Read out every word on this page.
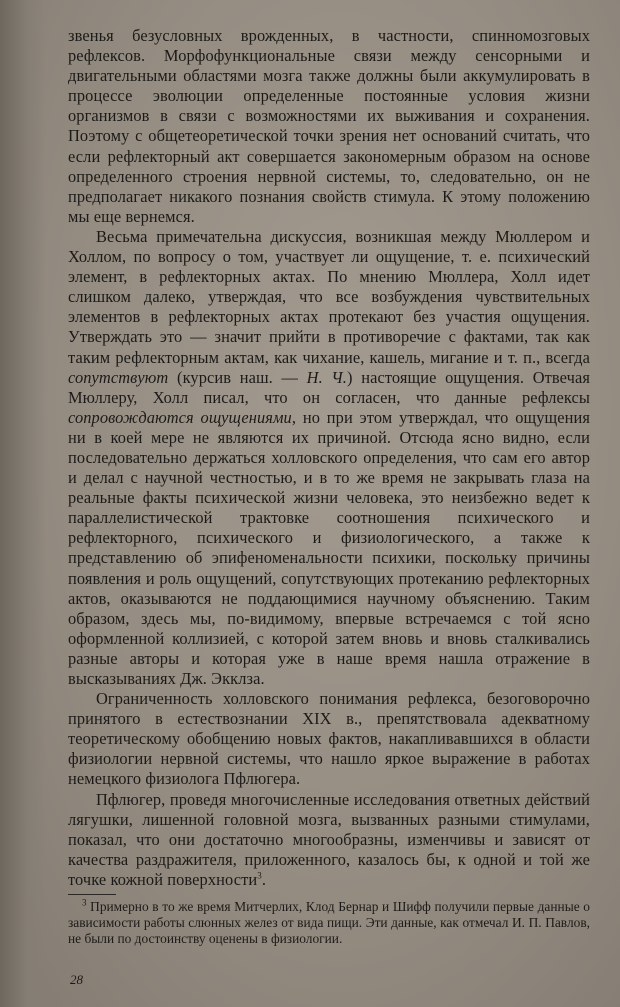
звенья безусловных врожденных, в частности, спинномозговых рефлексов. Морфофункциональные связи между сенсорными и двигательными областями мозга также должны были аккумулировать в процессе эволюции определенные постоянные условия жизни организмов в связи с возможностями их выживания и сохранения. Поэтому с общетеоретической точки зрения нет оснований считать, что если рефлекторный акт совершается закономерным образом на основе определенного строения нервной системы, то, следовательно, он не предполагает никакого познания свойств стимула. К этому положению мы еще вернемся.

Весьма примечательна дискуссия, возникшая между Мюллером и Холлом, по вопросу о том, участвует ли ощущение, т. е. психический элемент, в рефлекторных актах. По мнению Мюллера, Холл идет слишком далеко, утверждая, что все возбуждения чувствительных элементов в рефлекторных актах протекают без участия ощущения. Утверждать это — значит прийти в противоречие с фактами, так как таким рефлекторным актам, как чихание, кашель, мигание и т. п., всегда сопутствуют (курсив наш. — Н. Ч.) настоящие ощущения. Отвечая Мюллеру, Холл писал, что он согласен, что данные рефлексы сопровождаются ощущениями, но при этом утверждал, что ощущения ни в коей мере не являются их причиной. Отсюда ясно видно, если последовательно держаться холловского определения, что сам его автор и делал с научной честностью, и в то же время не закрывать глаза на реальные факты психической жизни человека, это неизбежно ведет к параллелистической трактовке соотношения психического и рефлекторного, психического и физиологического, а также к представлению об эпифеноменальности психики, поскольку причины появления и роль ощущений, сопутствующих протеканию рефлекторных актов, оказываются не поддающимися научному объяснению. Таким образом, здесь мы, по-видимому, впервые встречаемся с той ясно оформленной коллизией, с которой затем вновь и вновь сталкивались разные авторы и которая уже в наше время нашла отражение в высказываниях Дж. Экклза.

Ограниченность холловского понимания рефлекса, безоговорочно принятого в естествознании XIX в., препятствовала адекватному теоретическому обобщению новых фактов, накапливавшихся в области физиологии нервной системы, что нашло яркое выражение в работах немецкого физиолога Пфлюгера.

Пфлюгер, проведя многочисленные исследования ответных действий лягушки, лишенной головной мозга, вызванных разными стимулами, показал, что они достаточно многообразны, изменчивы и зависят от качества раздражителя, приложенного, казалось бы, к одной и той же точке кожной поверхности$^3$.

$^3$ Примерно в то же время Митчерлих, Клод Бернар и Шифф получили первые данные о зависимости работы слюнных желез от вида пищи. Эти данные, как отмечал И. П. Павлов, не были по достоинству оценены в физиологии.

28
